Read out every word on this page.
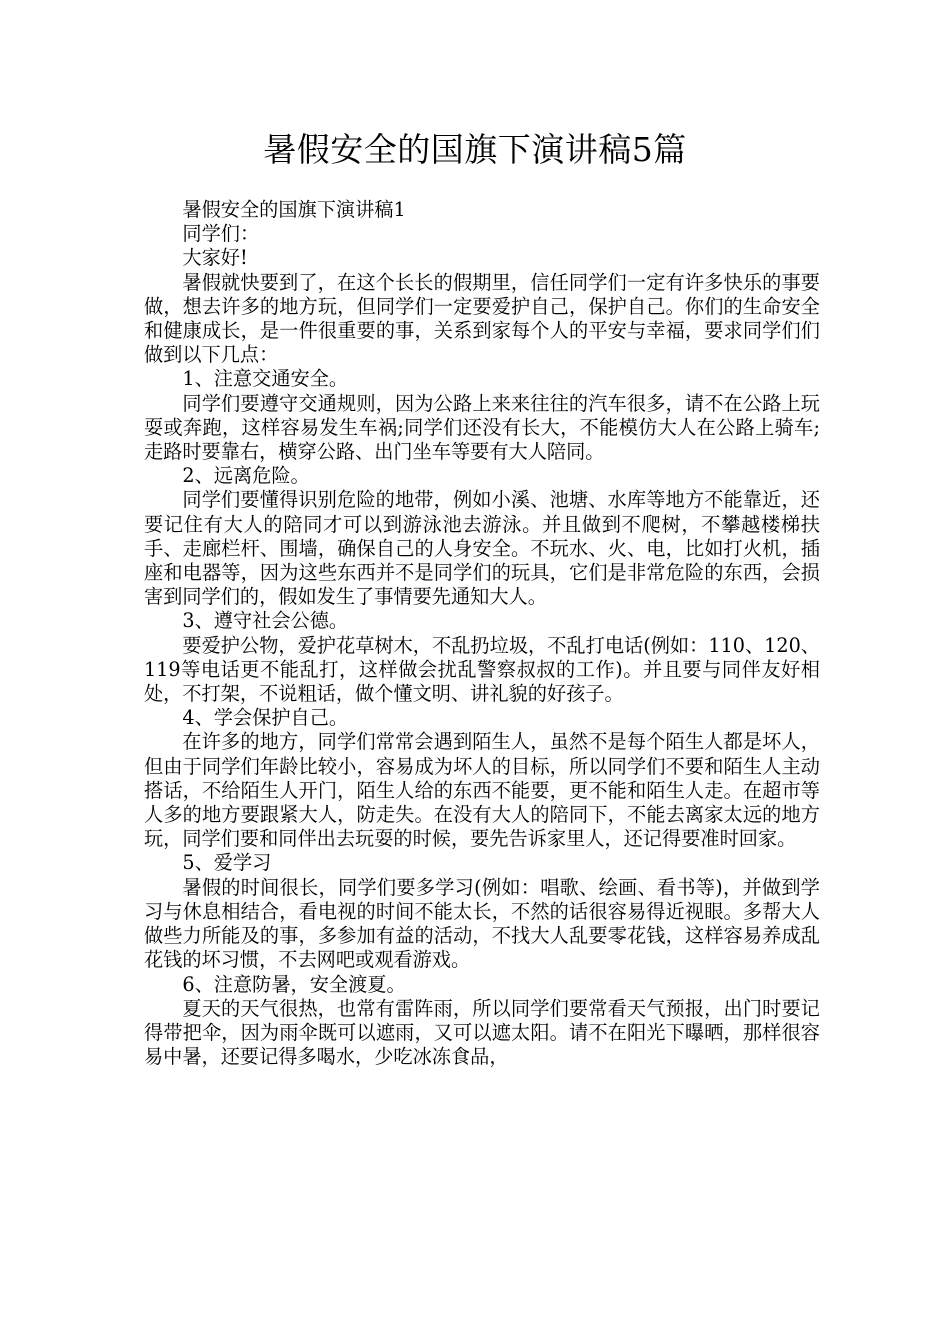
暑假安全的国旗下演讲稿5篇

暑假安全的国旗下演讲稿1

同学们：

大家好!

暑假就快要到了，在这个长长的假期里，信任同学们一定有许多快乐的事要做，想去许多的地方玩，但同学们一定要爱护自己，保护自己。你们的生命安全和健康成长，是一件很重要的事，关系到家每个人的平安与幸福，要求同学们们做到以下几点：

1、注意交通安全。

同学们要遵守交通规则，因为公路上来来往往的汽车很多，请不在公路上玩耍或奔跑，这样容易发生车祸;同学们还没有长大，不能模仿大人在公路上骑车;走路时要靠右，横穿公路、出门坐车等要有大人陪同。

2、远离危险。

同学们要懂得识别危险的地带，例如小溪、池塘、水库等地方不能靠近，还要记住有大人的陪同才可以到游泳池去游泳。并且做到不爬树，不攀越楼梯扶手、走廊栏杆、围墙，确保自己的人身安全。不玩水、火、电，比如打火机，插座和电器等，因为这些东西并不是同学们的玩具，它们是非常危险的东西，会损害到同学们的，假如发生了事情要先通知大人。

3、遵守社会公德。

要爱护公物，爱护花草树木，不乱扔垃圾，不乱打电话(例如：110、120、119等电话更不能乱打，这样做会扰乱警察叔叔的工作)。并且要与同伴友好相处，不打架，不说粗话，做个懂文明、讲礼貌的好孩子。

4、学会保护自己。

在许多的地方，同学们常常会遇到陌生人，虽然不是每个陌生人都是坏人，但由于同学们年龄比较小，容易成为坏人的目标，所以同学们不要和陌生人主动搭话，不给陌生人开门，陌生人给的东西不能要，更不能和陌生人走。在超市等人多的地方要跟紧大人，防走失。在没有大人的陪同下，不能去离家太远的地方玩，同学们要和同伴出去玩耍的时候，要先告诉家里人，还记得要准时回家。

5、爱学习

暑假的时间很长，同学们要多学习(例如：唱歌、绘画、看书等)，并做到学习与休息相结合，看电视的时间不能太长，不然的话很容易得近视眼。多帮大人做些力所能及的事，多参加有益的活动，不找大人乱要零花钱，这样容易养成乱花钱的坏习惯，不去网吧或观看游戏。

6、注意防暑，安全渡夏。

夏天的天气很热，也常有雷阵雨，所以同学们要常看天气预报，出门时要记得带把伞，因为雨伞既可以遮雨，又可以遮太阳。请不在阳光下曝晒，那样很容易中暑，还要记得多喝水，少吃冰冻食品，
